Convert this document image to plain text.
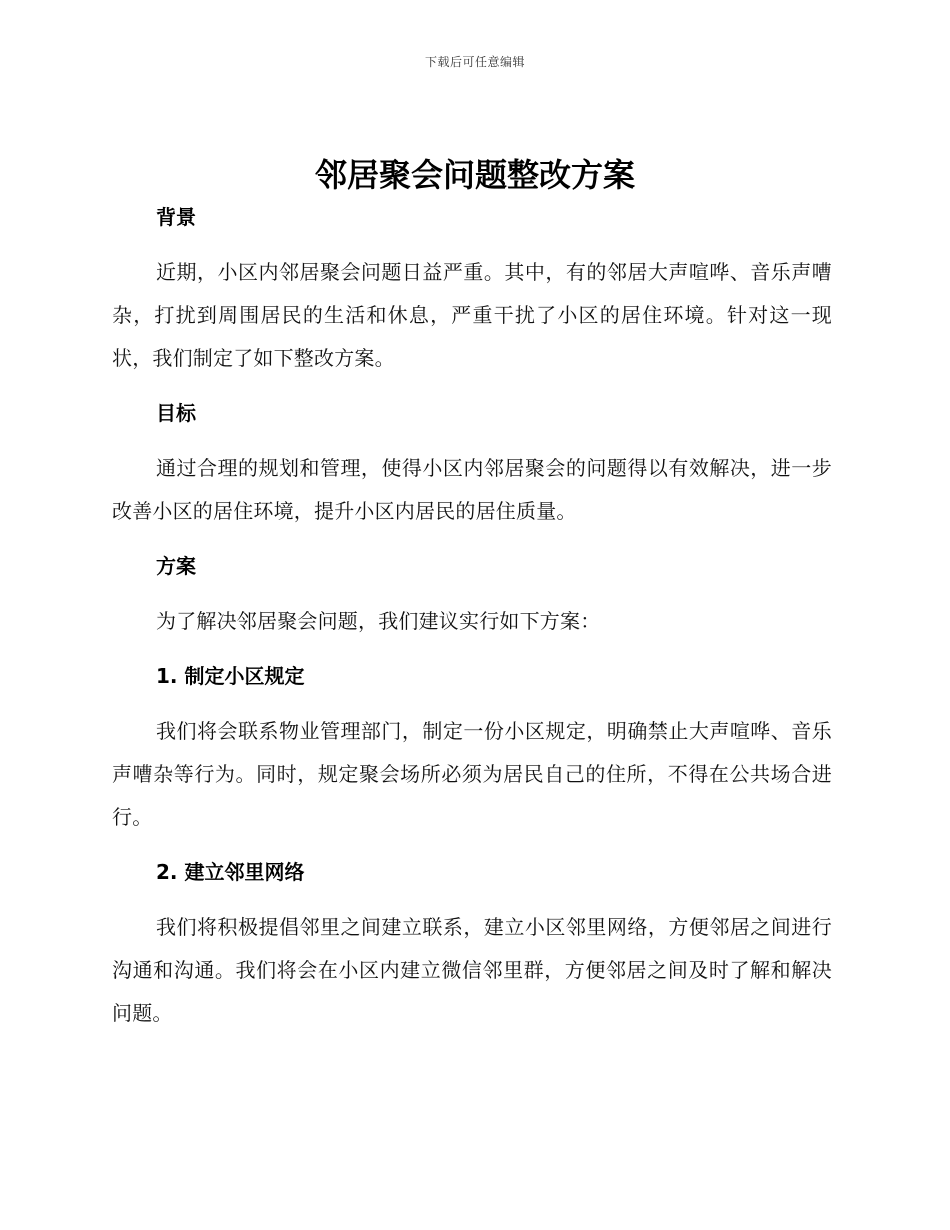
下载后可任意编辑
邻居聚会问题整改方案
背景

近期，小区内邻居聚会问题日益严重。其中，有的邻居大声喧哗、音乐声嘈杂，打扰到周围居民的生活和休息，严重干扰了小区的居住环境。针对这一现状，我们制定了如下整改方案。

目标

通过合理的规划和管理，使得小区内邻居聚会的问题得以有效解决，进一步改善小区的居住环境，提升小区内居民的居住质量。

方案

为了解决邻居聚会问题，我们建议实行如下方案：

1. 制定小区规定

我们将会联系物业管理部门，制定一份小区规定，明确禁止大声喧哗、音乐声嘈杂等行为。同时，规定聚会场所必须为居民自己的住所，不得在公共场合进行。

2. 建立邻里网络

我们将积极提倡邻里之间建立联系，建立小区邻里网络，方便邻居之间进行沟通和沟通。我们将会在小区内建立微信邻里群，方便邻居之间及时了解和解决问题。
